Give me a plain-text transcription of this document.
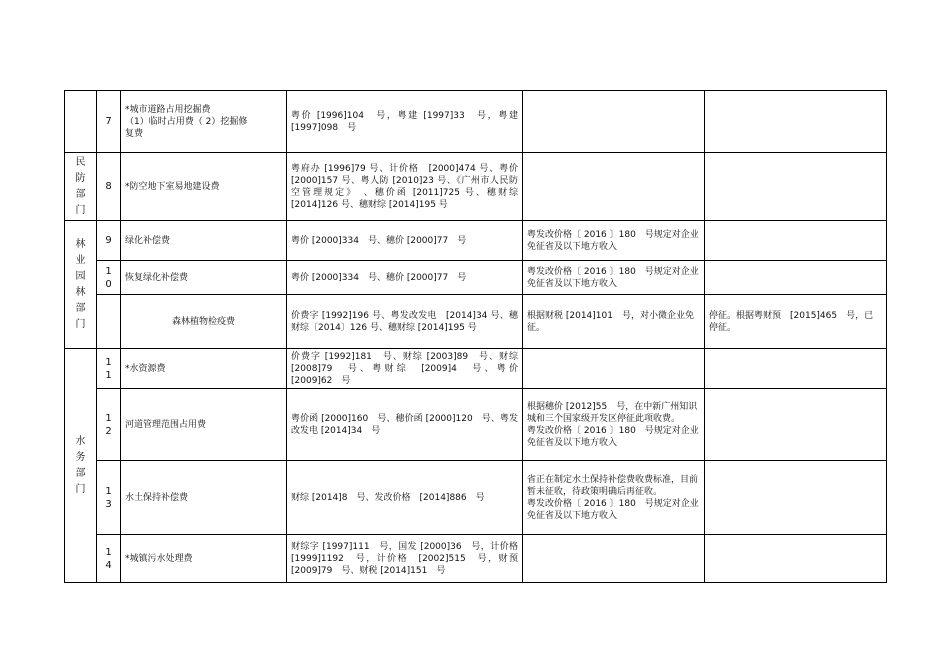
	7	*城市道路占用挖掘费
（1）临时占用费（ 2）挖掘修
复费	粤价 [1996]104　号，粤建 [1997]33　号，粤建 [1997]098　号		

民防部门	8	*防空地下室易地建设费	粤府办 [1996]79 号、计价格　[2000]474 号、粤价 [2000]157 号、粤人防 [2010]23 号、《广州市人民防空管理规定》　、穗价函 [2011]725 号、穗财综 [2014]126 号、穗财综 [2014]195 号		

林业园林部门	9	绿化补偿费	粤价 [2000]334　号、穗价 [2000]77　号	粤发改价格〔 2016 〕180　号规定对企业免征省及以下地方收入	

	10	恢复绿化补偿费	粤价 [2000]334　号、穗价 [2000]77　号	粤发改价格〔 2016 〕180　号规定对企业免征省及以下地方收入	

		森林植物检疫费	价费字 [1992]196 号、粤发改发电　[2014]34 号、穗财综〔2014〕126 号、穗财综 [2014]195 号	根据财税 [2014]101　号，对小微企业免征。	停征。根据粤财预　[2015]465　号，已停征。

水务部门	11	*水资源费	价费字 [1992]181　号、财综 [2003]89　号、财综 [2008]79　号、粤财综　[2009]4　号、粤价 [2009]62　号		

	12	河道管理范围占用费	粤价函 [2000]160　号、穗价函 [2000]120　号、粤发改发电 [2014]34　号	根据穗价 [2012]55　号，在中新广州知识城和三个国家级开发区停征此项收费。
粤发改价格〔 2016 〕180　号规定对企业免征省及以下地方收入	

	13	水土保持补偿费	财综 [2014]8　号、发改价格　[2014]886　号	省正在制定水土保持补偿费收费标准，目前暂未征收，待政策明确后再征收。
粤发改价格〔 2016 〕180　号规定对企业免征省及以下地方收入	

	14	*城镇污水处理费	财综字 [1997]111　号，国发 [2000]36　号，计价格 [1999]1192　号，计价格　[2002]515　号，财预 [2009]79　号、财税 [2014]151　号		
